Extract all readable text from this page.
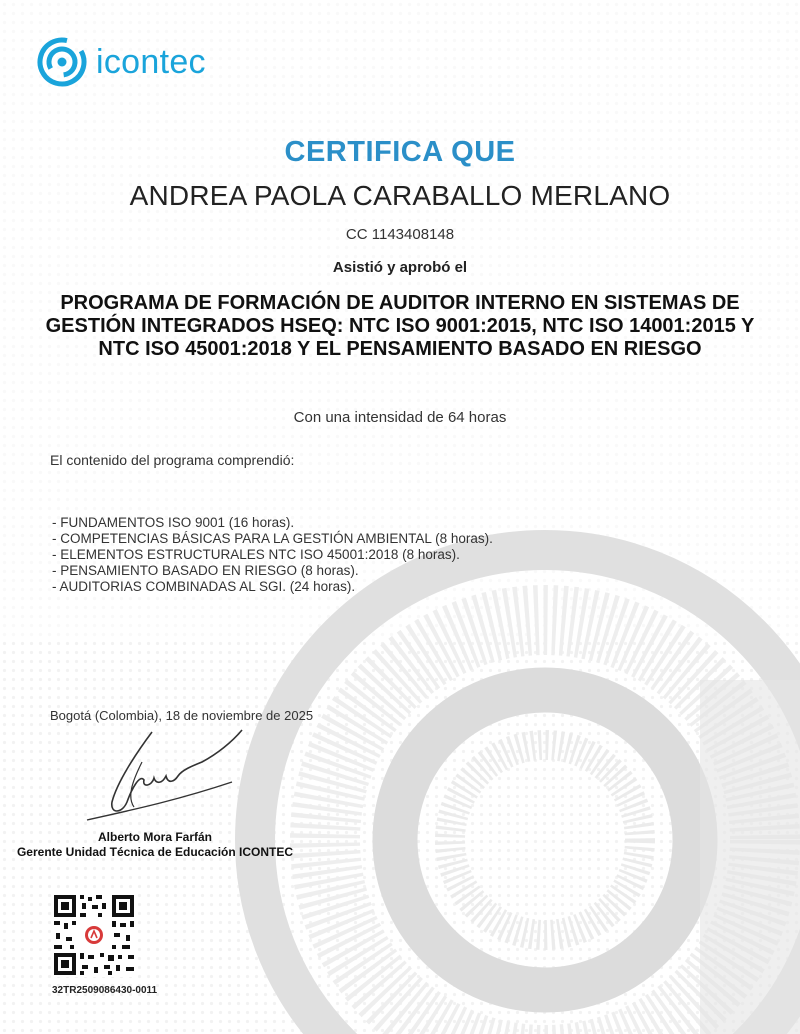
icontec
CERTIFICA QUE
ANDREA PAOLA CARABALLO MERLANO
CC 1143408148
Asistió y aprobó el
PROGRAMA DE FORMACIÓN DE AUDITOR INTERNO EN SISTEMAS DE
GESTIÓN INTEGRADOS HSEQ: NTC ISO 9001:2015, NTC ISO 14001:2015 Y
NTC ISO 45001:2018 Y EL PENSAMIENTO BASADO EN RIESGO
Con una intensidad de 64 horas
El contenido del programa comprendió:
- FUNDAMENTOS ISO 9001 (16 horas).
- COMPETENCIAS BÁSICAS PARA LA GESTIÓN AMBIENTAL (8 horas).
- ELEMENTOS ESTRUCTURALES NTC ISO 45001:2018 (8 horas).
- PENSAMIENTO BASADO EN RIESGO (8 horas).
- AUDITORIAS COMBINADAS AL SGI. (24 horas).
Bogotá (Colombia), 18 de noviembre de 2025
Alberto Mora Farfán
Gerente Unidad Técnica de Educación ICONTEC
32TR2509086430-0011
